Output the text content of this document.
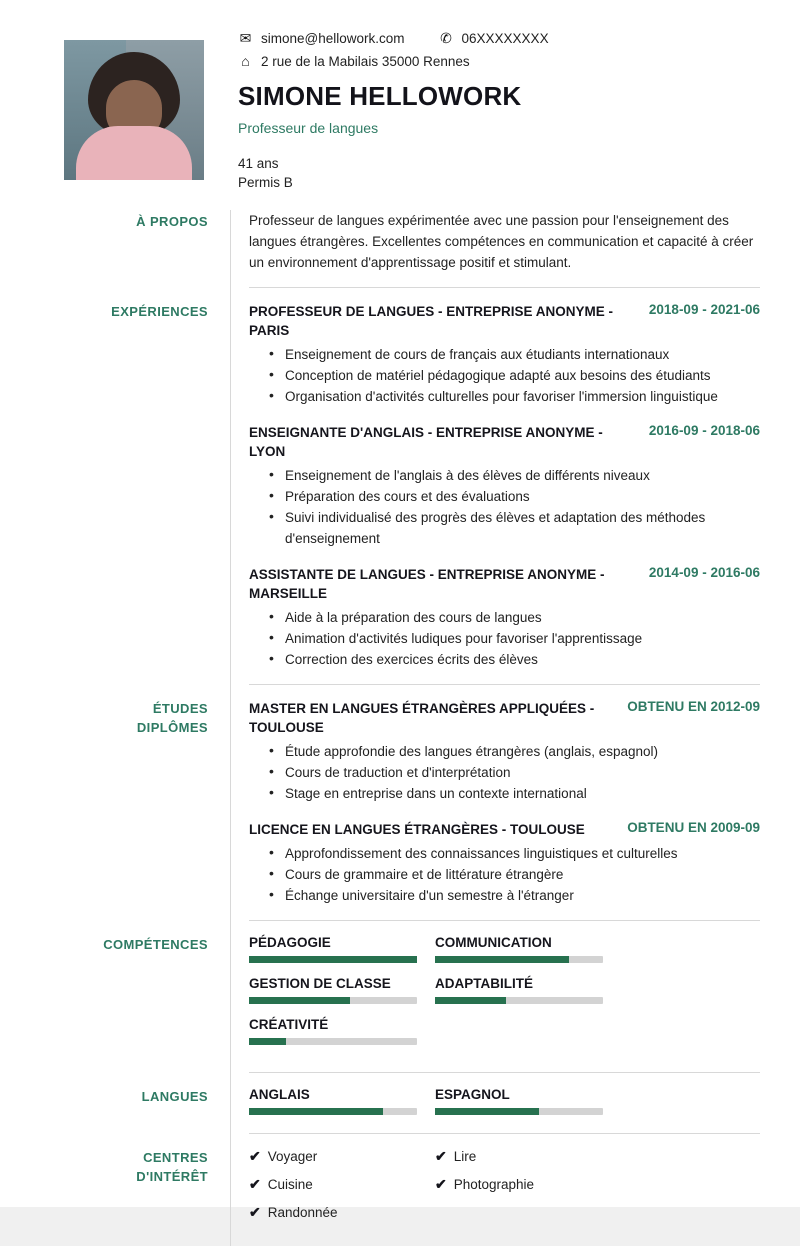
✉ simone@hellowork.com	✆ 06XXXXXXXX
⌂ 2 rue de la Mabilais 35000 Rennes
SIMONE HELLOWORK
Professeur de langues
41 ans
Permis B
À PROPOS	Professeur de langues expérimentée avec une passion pour l'enseignement des langues étrangères. Excellentes compétences en communication et capacité à créer un environnement d'apprentissage positif et stimulant.
EXPÉRIENCES	PROFESSEUR DE LANGUES - ENTREPRISE ANONYME - PARIS
2018-09 - 2021-06
• Enseignement de cours de français aux étudiants internationaux
• Conception de matériel pédagogique adapté aux besoins des étudiants
• Organisation d'activités culturelles pour favoriser l'immersion linguistique
ENSEIGNANTE D'ANGLAIS - ENTREPRISE ANONYME - LYON
2016-09 - 2018-06
• Enseignement de l'anglais à des élèves de différents niveaux
• Préparation des cours et des évaluations
• Suivi individualisé des progrès des élèves et adaptation des méthodes d'enseignement
ASSISTANTE DE LANGUES - ENTREPRISE ANONYME - MARSEILLE
2014-09 - 2016-06
• Aide à la préparation des cours de langues
• Animation d'activités ludiques pour favoriser l'apprentissage
• Correction des exercices écrits des élèves
ÉTUDES
DIPLÔMES
MASTER EN LANGUES ÉTRANGÈRES APPLIQUÉES - TOULOUSE
OBTENU EN 2012-09
• Étude approfondie des langues étrangères (anglais, espagnol)
• Cours de traduction et d'interprétation
• Stage en entreprise dans un contexte international
LICENCE EN LANGUES ÉTRANGÈRES - TOULOUSE	OBTENU EN 2009-09
• Approfondissement des connaissances linguistiques et culturelles
• Cours de grammaire et de littérature étrangère
• Échange universitaire d'un semestre à l'étranger
COMPÉTENCES	PÉDAGOGIE	COMMUNICATION
GESTION DE CLASSE	ADAPTABILITÉ
CRÉATIVITÉ
LANGUES	ANGLAIS	ESPAGNOL
CENTRES
D'INTÉRÊT
✔ Voyager	✔ Lire
✔ Cuisine	✔ Photographie
✔ Randonnée
